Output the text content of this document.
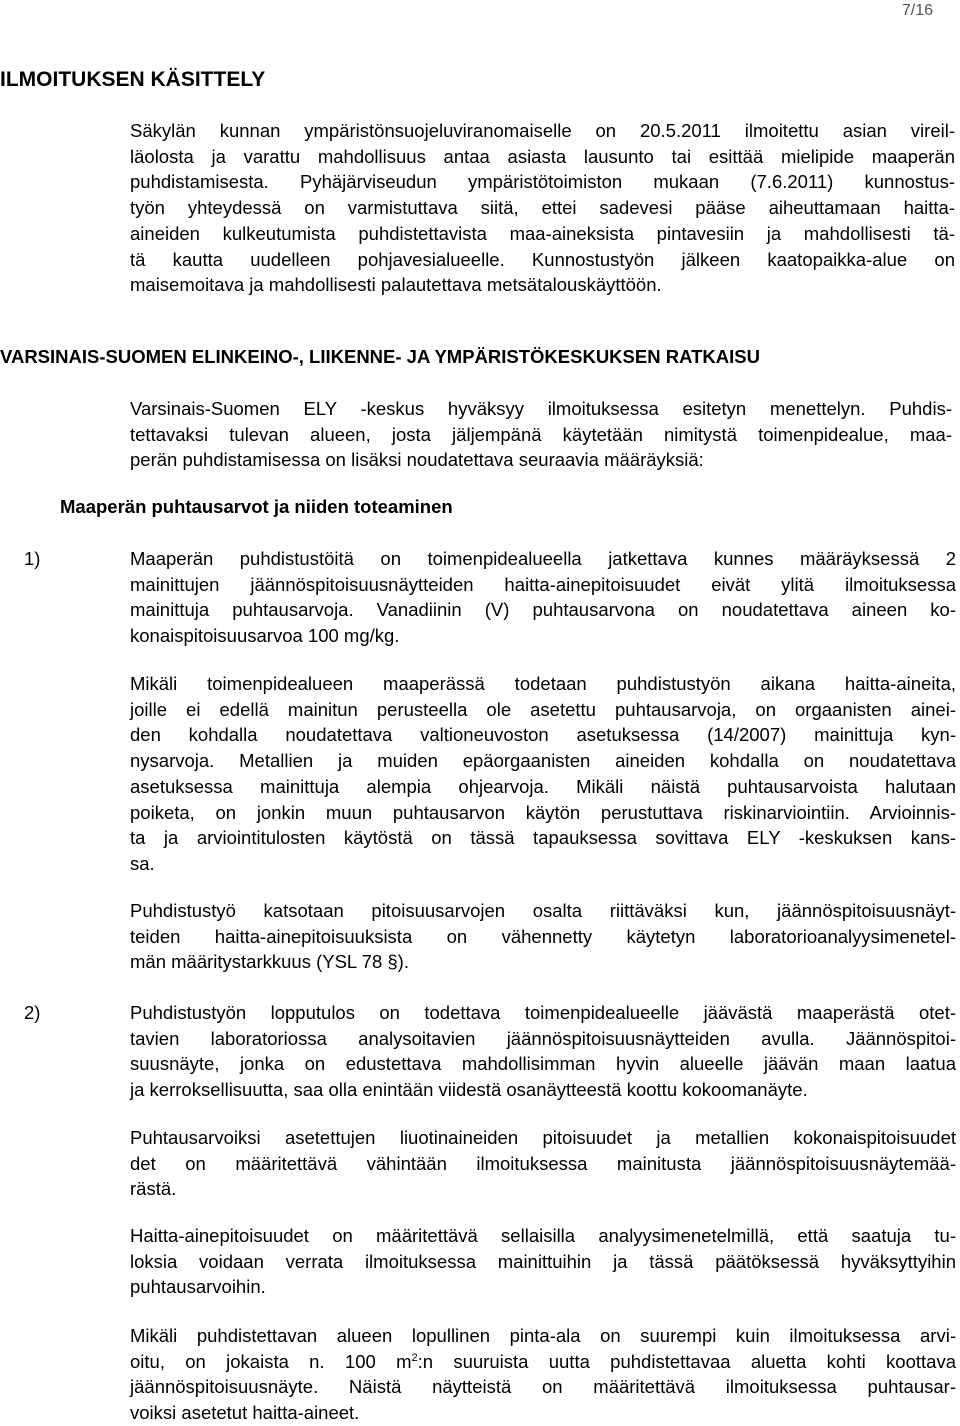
7/16
ILMOITUKSEN KÄSITTELY
Säkylän kunnan ympäristönsuojeluviranomaiselle on 20.5.2011 ilmoitettu asian vireil-
läolosta ja varattu mahdollisuus antaa asiasta lausunto tai esittää mielipide maaperän
puhdistamisesta. Pyhäjärviseudun ympäristötoimiston mukaan (7.6.2011) kunnostus-
työn yhteydessä on varmistuttava siitä, ettei sadevesi pääse aiheuttamaan haitta-
aineiden kulkeutumista puhdistettavista maa-aineksista pintavesiin ja mahdollisesti tä-
tä kautta uudelleen pohjavesialueelle. Kunnostustyön jälkeen kaatopaikka-alue on
maisemoitava ja mahdollisesti palautettava metsätalouskäyttöön.
VARSINAIS-SUOMEN ELINKEINO-, LIIKENNE- JA YMPÄRISTÖKESKUKSEN RATKAISU
Varsinais-Suomen ELY -keskus hyväksyy ilmoituksessa esitetyn menettelyn. Puhdis-
tettavaksi tulevan alueen, josta jäljempänä käytetään nimitystä toimenpidealue, maa-
perän puhdistamisessa on lisäksi noudatettava seuraavia määräyksiä:
Maaperän puhtausarvot ja niiden toteaminen
1)	Maaperän puhdistustöitä on toimenpidealueella jatkettava kunnes määräyksessä 2
mainittujen jäännöspitoisuusnäytteiden haitta-ainepitoisuudet eivät ylitä ilmoituksessa
mainittuja puhtausarvoja. Vanadiinin (V) puhtausarvona on noudatettava aineen ko-
konaispitoisuusarvoa 100 mg/kg.
Mikäli toimenpidealueen maaperässä todetaan puhdistustyön aikana haitta-aineita,
joille ei edellä mainitun perusteella ole asetettu puhtausarvoja, on orgaanisten ainei-
den kohdalla noudatettava valtioneuvoston asetuksessa (14/2007) mainittuja kyn-
nysarvoja. Metallien ja muiden epäorgaanisten aineiden kohdalla on noudatettava
asetuksessa mainittuja alempia ohjearvoja. Mikäli näistä puhtausarvoista halutaan
poiketa, on jonkin muun puhtausarvon käytön perustuttava riskinarviointiin. Arvioinnis-
ta ja arviointitulosten käytöstä on tässä tapauksessa sovittava ELY -keskuksen kans-
sa.
Puhdistustyö katsotaan pitoisuusarvojen osalta riittäväksi kun, jäännöspitoisuusnäyt-
teiden haitta-ainepitoisuuksista on vähennetty käytetyn laboratorioanalyysimenetel-
män määritystarkkuus (YSL 78 §).
2)	Puhdistustyön lopputulos on todettava toimenpidealueelle jäävästä maaperästä otet-
tavien laboratoriossa analysoitavien jäännöspitoisuusnäytteiden avulla. Jäännöspitoi-
suusnäyte, jonka on edustettava mahdollisimman hyvin alueelle jäävän maan laatua
ja kerroksellisuutta, saa olla enintään viidestä osanäytteestä koottu kokoomanäyte.
Puhtausarvoiksi asetettujen liuotinaineiden pitoisuudet ja metallien kokonaispitoisuudet
det on määritettävä vähintään ilmoituksessa mainitusta jäännöspitoisuusnäytemää-
rästä.
Haitta-ainepitoisuudet on määritettävä sellaisilla analyysimenetelmillä, että saatuja tu-
loksia voidaan verrata ilmoituksessa mainittuihin ja tässä päätöksessä hyväksyttyihin
puhtausarvoihin.
Mikäli puhdistettavan alueen lopullinen pinta-ala on suurempi kuin ilmoituksessa arvi-
oitu, on jokaista n. 100 $m^2:n$ suuruista uutta puhdistettavaa aluetta kohti koottava
jäännöspitoisuusnäyte. Näistä näytteistä on määritettävä ilmoituksessa puhtausar-
voiksi asetetut haitta-aineet.
